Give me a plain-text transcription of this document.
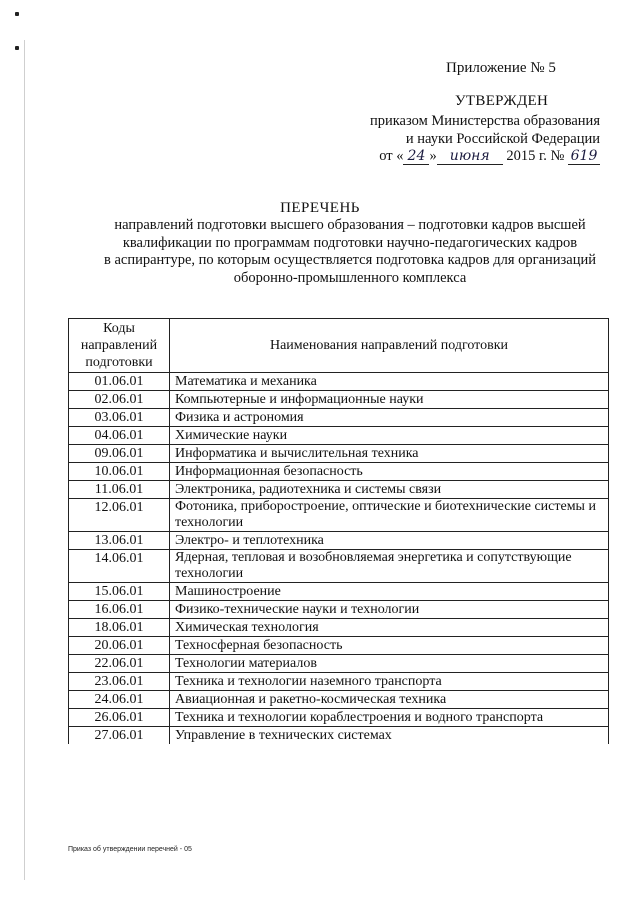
Приложение № 5
УТВЕРЖДЕН
приказом Министерства образования
и науки Российской Федерации
от « 24 » июня 2015 г. № 619
ПЕРЕЧЕНЬ
направлений подготовки высшего образования – подготовки кадров высшей
квалификации по программам подготовки научно-педагогических кадров
в аспирантуре, по которым осуществляется подготовка кадров для организаций
оборонно-промышленного комплекса
Коды
направлений
подготовки	Наименования направлений подготовки
01.06.01	Математика и механика
02.06.01	Компьютерные и информационные науки
03.06.01	Физика и астрономия
04.06.01	Химические науки
09.06.01	Информатика и вычислительная техника
10.06.01	Информационная безопасность
11.06.01	Электроника, радиотехника и системы связи
12.06.01	Фотоника, приборостроение, оптические и биотехнические системы и технологии
13.06.01	Электро- и теплотехника
14.06.01	Ядерная, тепловая и возобновляемая энергетика и сопутствующие технологии
15.06.01	Машиностроение
16.06.01	Физико-технические науки и технологии
18.06.01	Химическая технология
20.06.01	Техносферная безопасность
22.06.01	Технологии материалов
23.06.01	Техника и технологии наземного транспорта
24.06.01	Авиационная и ракетно-космическая техника
26.06.01	Техника и технологии кораблестроения и водного транспорта
27.06.01	Управление в технических системах
Приказ об утверждении перечней - 05
